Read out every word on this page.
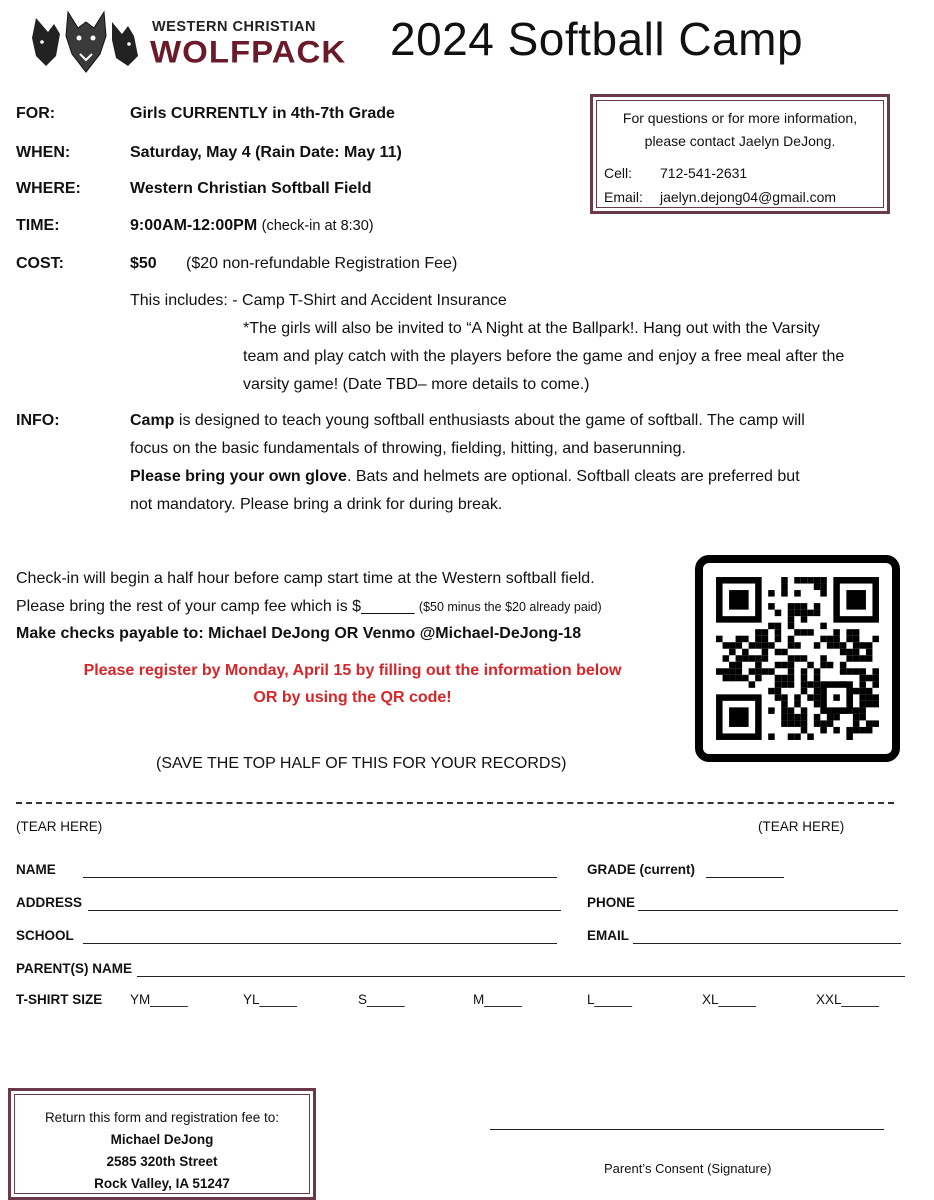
WESTERN CHRISTIAN
WOLFPACK 2024 Softball Camp
FOR:	Girls CURRENTLY in 4th-7th Grade
WHEN:	Saturday, May 4 (Rain Date: May 11)
WHERE:	Western Christian Softball Field
TIME:	9:00AM-12:00PM (check-in at 8:30)
COST:	$50 ($20 non-refundable Registration Fee)
This includes: - Camp T-Shirt and Accident Insurance
*The girls will also be invited to “A Night at the Ballpark!. Hang out with the Varsity
team and play catch with the players before the game and enjoy a free meal after the
varsity game! (Date TBD– more details to come.)
For questions or for more information,
please contact Jaelyn DeJong.
Cell: 712-541-2631
Email: jaelyn.dejong04@gmail.com
INFO:	Camp is designed to teach young softball enthusiasts about the game of softball. The camp will
focus on the basic fundamentals of throwing, fielding, hitting, and baserunning.
Please bring your own glove. Bats and helmets are optional. Softball cleats are preferred but
not mandatory. Please bring a drink for during break.
Check-in will begin a half hour before camp start time at the Western softball field.
Please bring the rest of your camp fee which is $______ ($50 minus the $20 already paid)
Make checks payable to: Michael DeJong OR Venmo @Michael-DeJong-18
Please register by Monday, April 15 by filling out the information below
OR by using the QR code!
(SAVE THE TOP HALF OF THIS FOR YOUR RECORDS)
(TEAR HERE)	(TEAR HERE)
NAME	GRADE (current)
ADDRESS	PHONE
SCHOOL	EMAIL
PARENT(S) NAME
T-SHIRT SIZE YM_____	YL_____	S_____	M_____	L_____	XL_____	XXL_____
Return this form and registration fee to:
Michael DeJong
2585 320th Street
Rock Valley, IA 51247
Parent’s Consent (Signature)
